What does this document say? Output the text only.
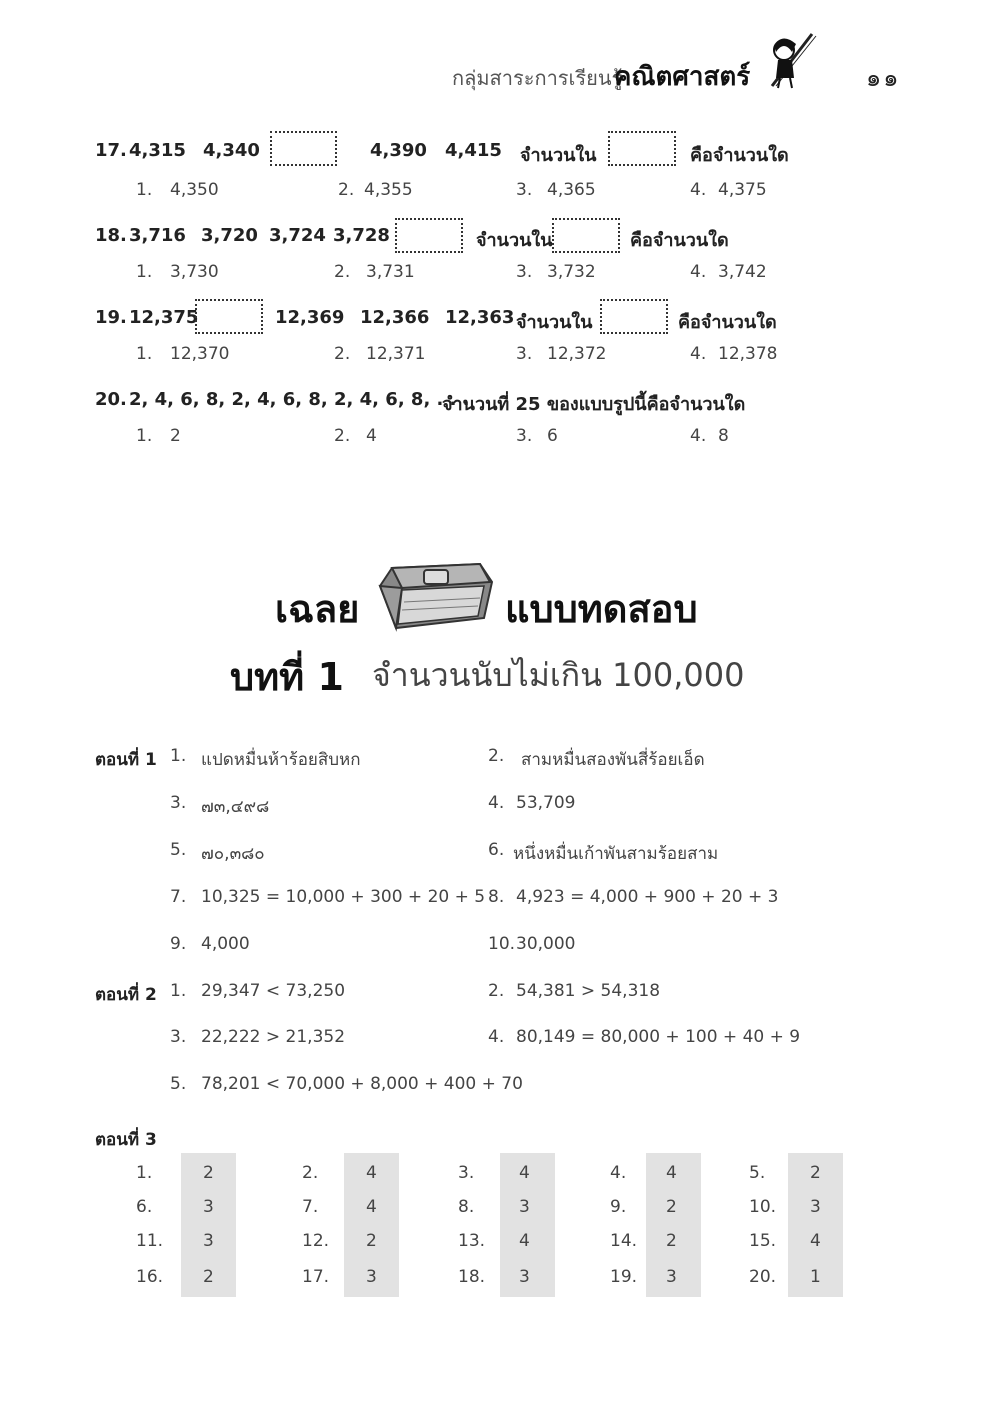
กลุ่มสาระการเรียนรู้
คณิตศาสตร์	๑๑
17. 4,315 4,340	4,390 4,415 จำนวนใน	คือจำนวนใด
1. 4,350	2. 4,355	3. 4,365	4. 4,375
18. 3,716 3,720 3,724 3,728	จำนวนใน	คือจำนวนใด
1. 3,730	2. 3,731	3. 3,732	4. 3,742
19. 12,375	12,369 12,366 12,363 จำนวนใน	คือจำนวนใด
1. 12,370	2. 12,371	3. 12,372	4. 12,378
20. 2, 4, 6, 8, 2, 4, 6, 8, 2, 4, 6, 8, . . .
จำนวนที่ 25 ของแบบรูปนี้คือจำนวนใด
1. 2	2. 4	3. 6	4. 8
เฉลย	แบบทดสอบ
บทที่ 1 จำนวนนับไม่เกิน 100,000
ตอนที่ 1 1. แปดหมื่นห้าร้อยสิบหก	2. สามหมื่นสองพันสี่ร้อยเอ็ด
3. ๗๓,๔๙๘	4. 53,709
5. ๗๐,๓๘๐	6. หนึ่งหมื่นเก้าพันสามร้อยสาม
7. 10,325 = 10,000 + 300 + 20 + 5 8. 4,923 = 4,000 + 900 + 20 + 3
9. 4,000	10. 30,000
ตอนที่ 2 1. 29,347 < 73,250	2. 54,381 > 54,318
3. 22,222 > 21,352	4. 80,149 = 80,000 + 100 + 40 + 9
5. 78,201 < 70,000 + 8,000 + 400 + 70
ตอนที่ 3
1.	2	2.	4	3.	4	4. 4	5.	2
6.	3	7.	4	8.	3	9. 2	10. 3
11. 3	12. 2	13. 4	14. 2	15. 4
16. 2	17. 3	18. 3	19. 3	20. 1
